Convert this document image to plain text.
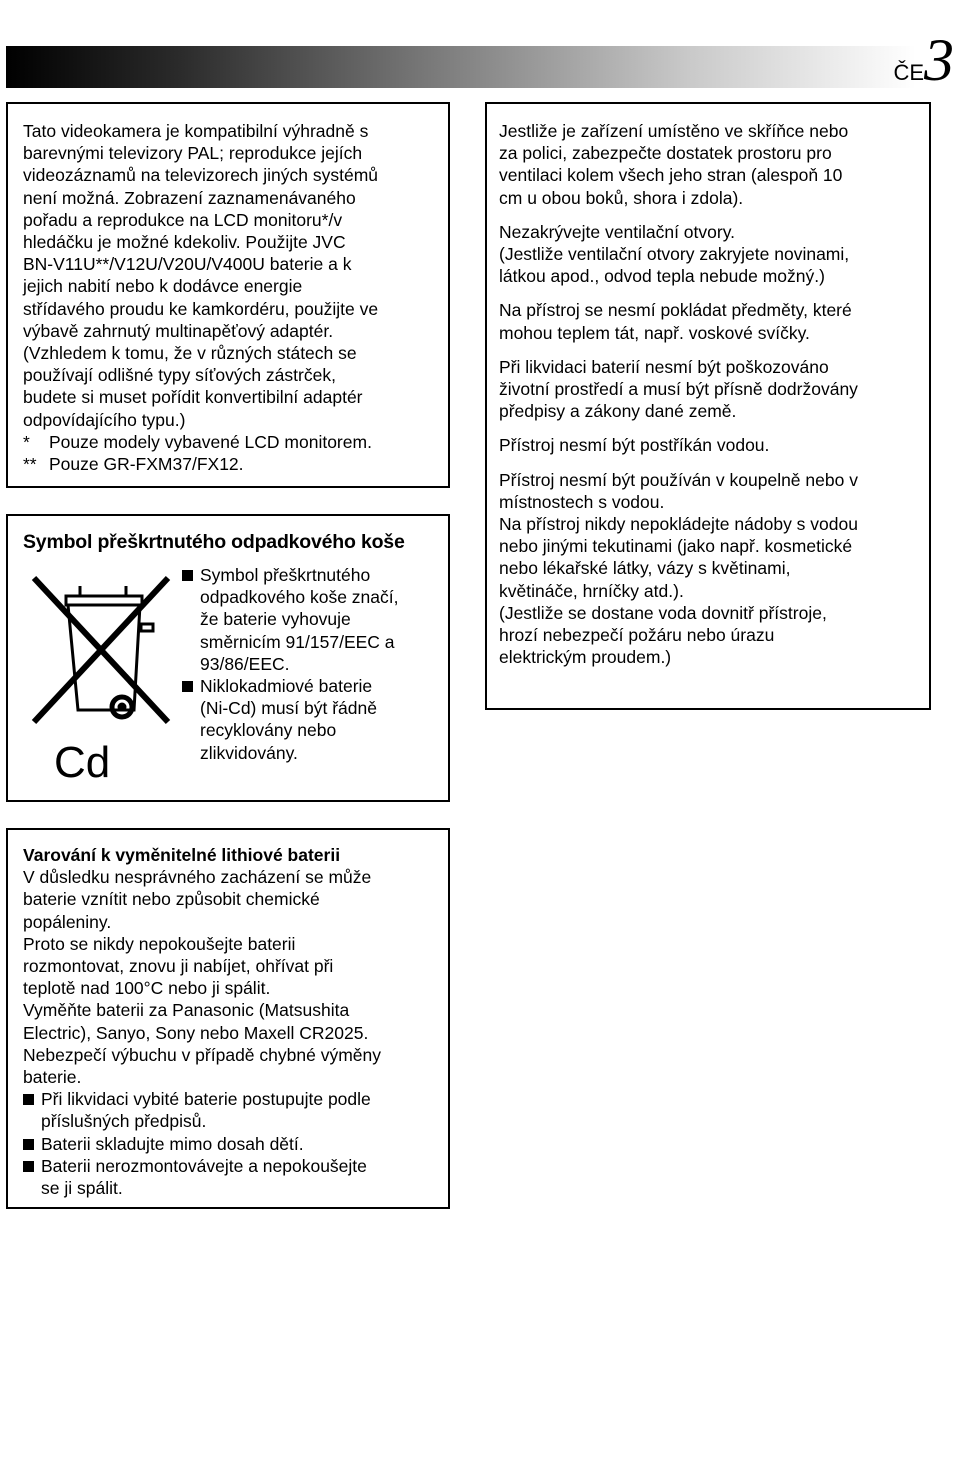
ČE 3

Tato videokamera je kompatibilní výhradně s

barevnými televizory PAL; reprodukce jejích

videozáznamů na televizorech jiných systémů

není možná. Zobrazení zaznamenávaného

pořadu a reprodukce na LCD monitoru*/v

hledáčku je možné kdekoliv. Použijte JVC

BN-V11U**/V12U/V20U/V400U baterie a k

jejich nabití nebo k dodávce energie

střídavého proudu ke kamkordéru, použijte ve

výbavě zahrnutý multinapěťový adaptér.

(Vzhledem k tomu, že v různých státech se

používají odlišné typy síťových zástrček,

budete si muset pořídit konvertibilní adaptér

odpovídajícího typu.)

*	Pouze modely vybavené LCD monitorem.
** Pouze GR-FXM37/FX12.

Jestliže je zařízení umístěno ve skříňce nebo
za polici, zabezpečte dostatek prostoru pro
ventilaci kolem všech jeho stran (alespoň 10
cm u obou boků, shora i zdola).

Nezakrývejte ventilační otvory.
(Jestliže ventilační otvory zakryjete novinami,
látkou apod., odvod tepla nebude možný.)

Na přístroj se nesmí pokládat předměty, které
mohou teplem tát, např. voskové svíčky.

Při likvidaci baterií nesmí být poškozováno
životní prostředí a musí být přísně dodržovány
předpisy a zákony dané země.

Přístroj nesmí být postříkán vodou.

Přístroj nesmí být používán v koupelně nebo v
místnostech s vodou.

Na přístroj nikdy nepokládejte nádoby s vodou
nebo jinými tekutinami (jako např. kosmetické
nebo lékařské látky, vázy s květinami,
květináče, hrníčky atd.).

(Jestliže se dostane voda dovnitř přístroje,
hrozí nebezpečí požáru nebo úrazu
elektrickým proudem.)

Symbol přeškrtnutého odpadkového koše
Cd
Symbol přeškrtnutého
odpadkového koše značí,
že baterie vyhovuje
směrnicím 91/157/EEC a
93/86/EEC.
Niklokadmiové baterie
(Ni-Cd) musí být řádně
recyklovány nebo
zlikvidovány.

Varování k vyměnitelné lithiové baterii

V důsledku nesprávného zacházení se může

baterie vznítit nebo způsobit chemické

popáleniny.

Proto se nikdy nepokoušejte baterii

rozmontovat, znovu ji nabíjet, ohřívat při

teplotě nad 100°C nebo ji spálit.

Vyměňte baterii za Panasonic (Matsushita

Electric), Sanyo, Sony nebo Maxell CR2025.

Nebezpečí výbuchu v případě chybné výměny

baterie.

Při likvidaci vybité baterie postupujte podle
příslušných předpisů.
Baterii skladujte mimo dosah dětí.
Baterii nerozmontovávejte a nepokoušejte
se ji spálit.
